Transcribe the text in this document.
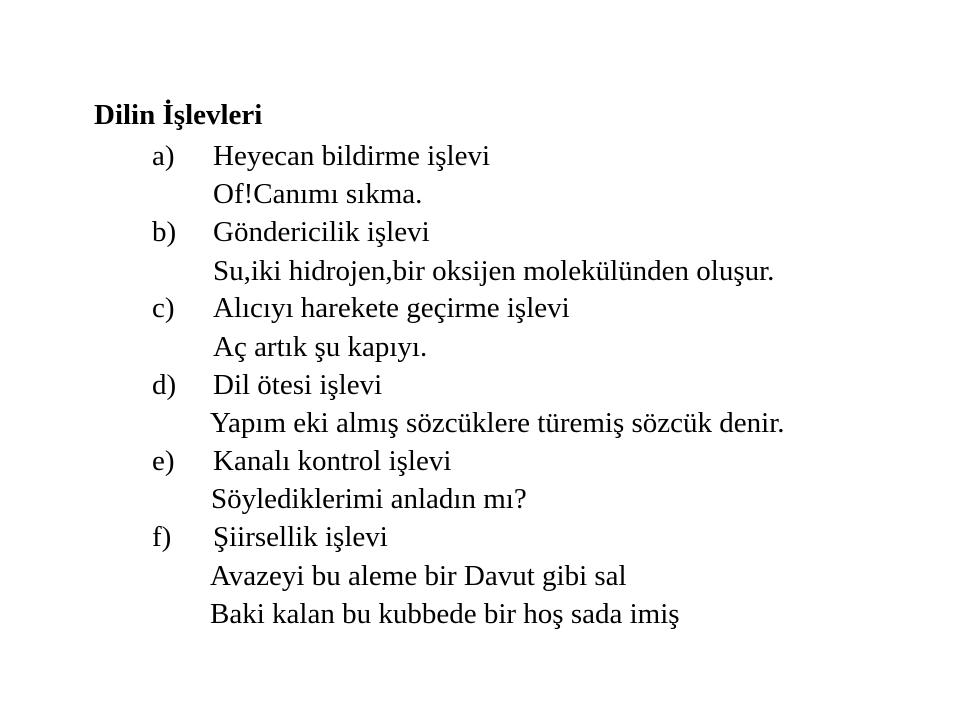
Dilin İşlevleri
a) Heyecan bildirme işlevi
Of!Canımı sıkma.
b) Göndericilik işlevi
Su,iki hidrojen,bir oksijen molekülünden oluşur.
c) Alıcıyı harekete geçirme işlevi
Aç artık şu kapıyı.
d) Dil ötesi işlevi
Yapım eki almış sözcüklere türemiş sözcük denir.
e) Kanalı kontrol işlevi
Söylediklerimi anladın mı?
f) Şiirsellik işlevi
Avazeyi bu aleme bir Davut gibi sal
Baki kalan bu kubbede bir hoş sada imiş
